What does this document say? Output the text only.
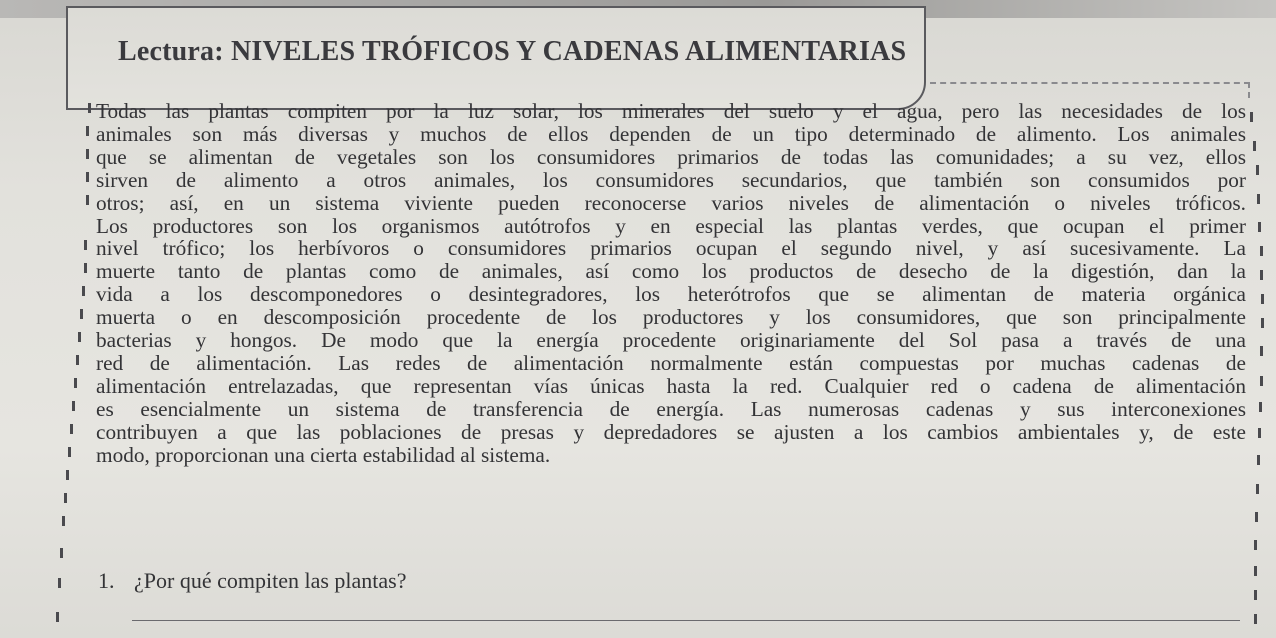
Lectura: NIVELES TRÓFICOS Y CADENAS ALIMENTARIAS

Todas las plantas compiten por la luz solar, los minerales del suelo y el agua, pero las necesidades de los
animales son más diversas y muchos de ellos dependen de un tipo determinado de alimento. Los animales
que se alimentan de vegetales son los consumidores primarios de todas las comunidades; a su vez, ellos
sirven de alimento a otros animales, los consumidores secundarios, que también son consumidos por
otros; así, en un sistema viviente pueden reconocerse varios niveles de alimentación o niveles tróficos.
Los productores son los organismos autótrofos y en especial las plantas verdes, que ocupan el primer
nivel trófico; los herbívoros o consumidores primarios ocupan el segundo nivel, y así sucesivamente. La
muerte tanto de plantas como de animales, así como los productos de desecho de la digestión, dan la
vida a los descomponedores o desintegradores, los heterótrofos que se alimentan de materia orgánica
muerta o en descomposición procedente de los productores y los consumidores, que son principalmente
bacterias y hongos. De modo que la energía procedente originariamente del Sol pasa a través de una
red de alimentación. Las redes de alimentación normalmente están compuestas por muchas cadenas de
alimentación entrelazadas, que representan vías únicas hasta la red. Cualquier red o cadena de alimentación
es esencialmente un sistema de transferencia de energía. Las numerosas cadenas y sus interconexiones
contribuyen a que las poblaciones de presas y depredadores se ajusten a los cambios ambientales y, de este
modo, proporcionan una cierta estabilidad al sistema.

1. ¿Por qué compiten las plantas?
